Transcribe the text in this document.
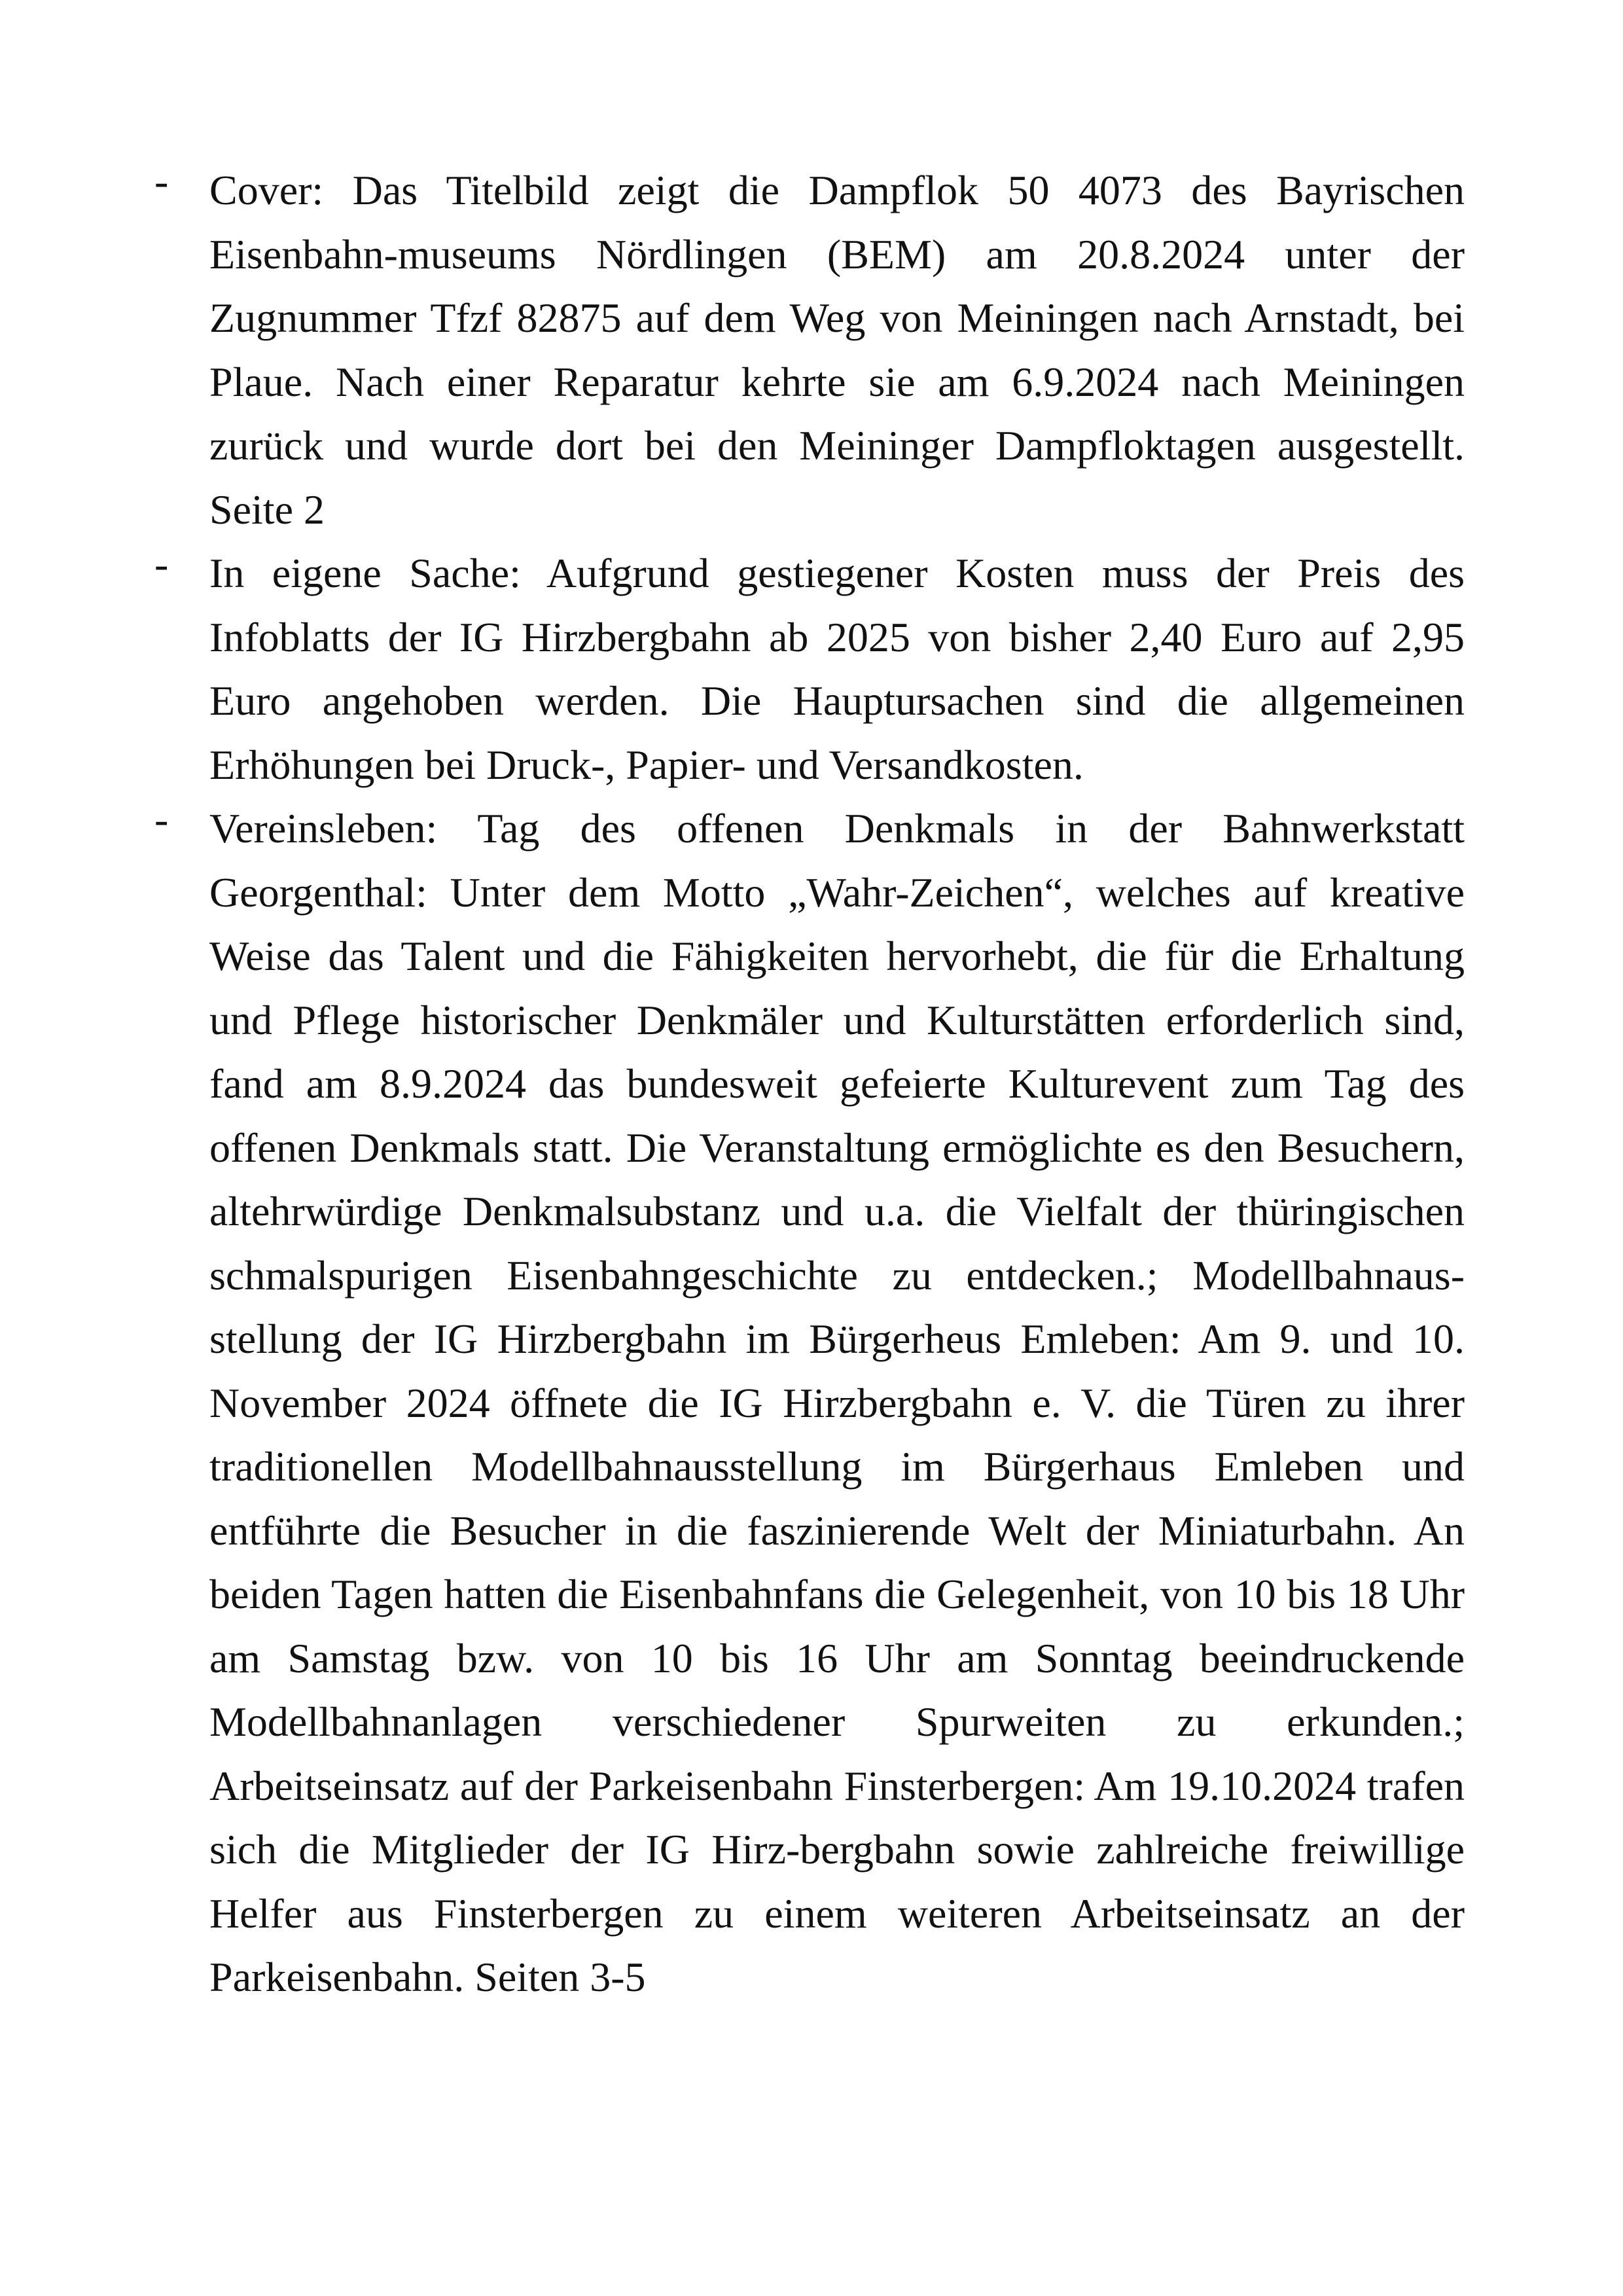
- Cover: Das Titelbild zeigt die Dampflok 50 4073 des Bayrischen Eisenbahn-museums Nördlingen (BEM) am 20.8.2024 unter der Zugnummer Tfzf 82875 auf dem Weg von Meiningen nach Arnstadt, bei Plaue. Nach einer Reparatur kehrte sie am 6.9.2024 nach Meiningen zurück und wurde dort bei den Meininger Dampfloktagen ausgestellt. Seite 2
- In eigene Sache: Aufgrund gestiegener Kosten muss der Preis des Infoblatts der IG Hirzbergbahn ab 2025 von bisher 2,40 Euro auf 2,95 Euro angehoben werden. Die Hauptursachen sind die allgemeinen Erhöhungen bei Druck-, Papier- und Versandkosten.
- Vereinsleben: Tag des offenen Denkmals in der Bahnwerkstatt Georgenthal: Unter dem Motto „Wahr-Zeichen“, welches auf kreative Weise das Talent und die Fähigkeiten hervorhebt, die für die Erhaltung und Pflege historischer Denkmäler und Kulturstätten erforderlich sind, fand am 8.9.2024 das bundesweit gefeierte Kulturevent zum Tag des offenen Denkmals statt. Die Veranstaltung ermöglichte es den Besuchern, altehrwürdige Denkmalsubstanz und u.a. die Vielfalt der thüringischen schmalspurigen Eisenbahngeschichte zu entdecken.; Modellbahnausstellung der IG Hirzbergbahn im Bürgerheus Emleben: Am 9. und 10. November 2024 öffnete die IG Hirzbergbahn e. V. die Türen zu ihrer traditionellen Modellbahnausstellung im Bürgerhaus Emleben und entführte die Besucher in die faszinierende Welt der Miniaturbahn. An beiden Tagen hatten die Eisenbahnfans die Gelegenheit, von 10 bis 18 Uhr am Samstag bzw. von 10 bis 16 Uhr am Sonntag beeindruckende Modellbahnanlagen verschiedener Spurweiten zu erkunden.; Arbeitseinsatz auf der Parkeisenbahn Finsterbergen: Am 19.10.2024 trafen sich die Mitglieder der IG Hirz-bergbahn sowie zahlreiche freiwillige Helfer aus Finsterbergen zu einem weiteren Arbeitseinsatz an der Parkeisenbahn. Seiten 3-5
